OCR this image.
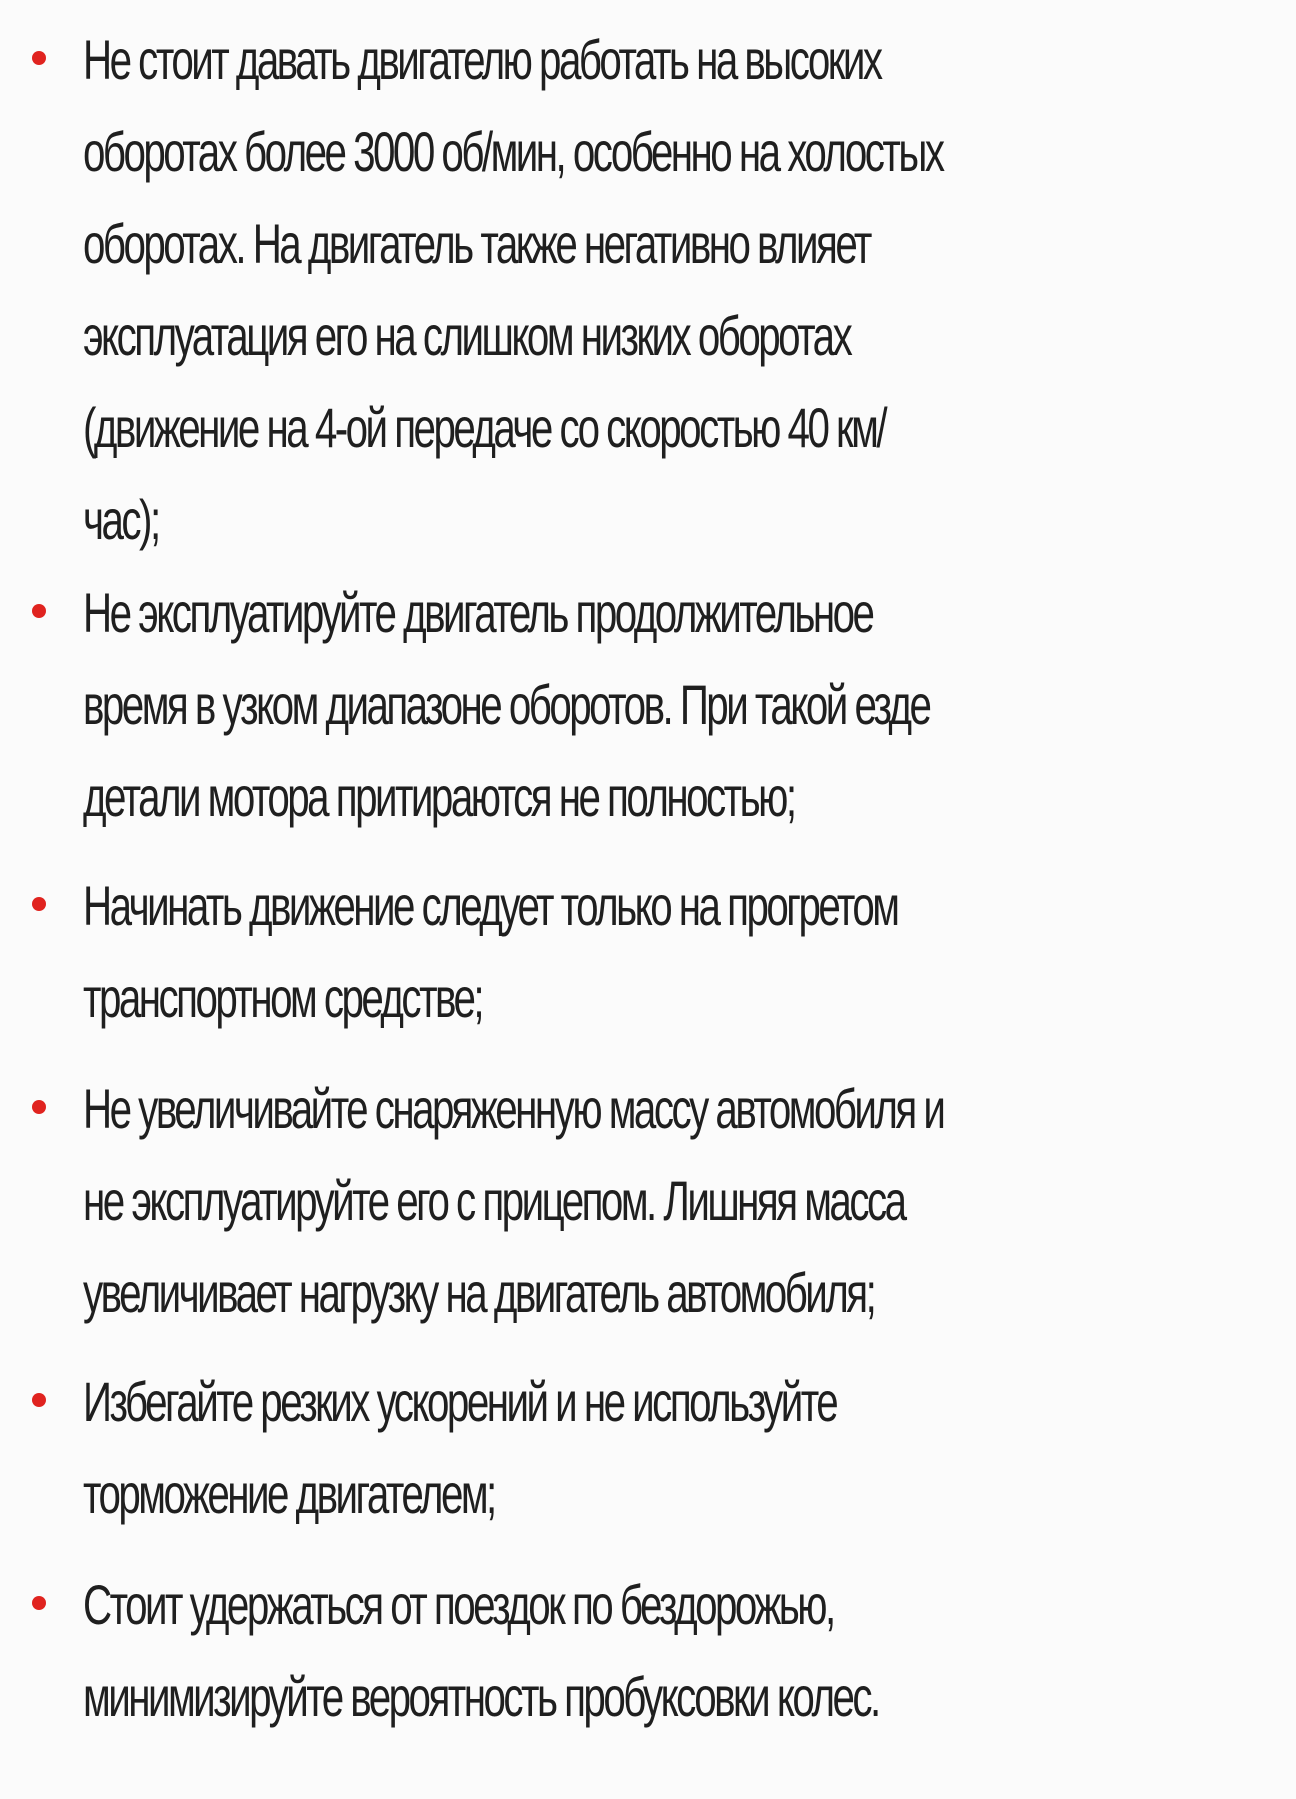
Не стоит давать двигателю работать на высоких
оборотах более 3000 об/мин, особенно на холостых
оборотах. На двигатель также негативно влияет
эксплуатация его на слишком низких оборотах
(движение на 4-ой передаче со скоростью 40 км/
час);

Не эксплуатируйте двигатель продолжительное
время в узком диапазоне оборотов. При такой езде
детали мотора притираются не полностью;

Начинать движение следует только на прогретом
транспортном средстве;

Не увеличивайте снаряженную массу автомобиля и
не эксплуатируйте его с прицепом. Лишняя масса
увеличивает нагрузку на двигатель автомобиля;

Избегайте резких ускорений и не используйте
торможение двигателем;

Стоит удержаться от поездок по бездорожью,
минимизируйте вероятность пробуксовки колес.
